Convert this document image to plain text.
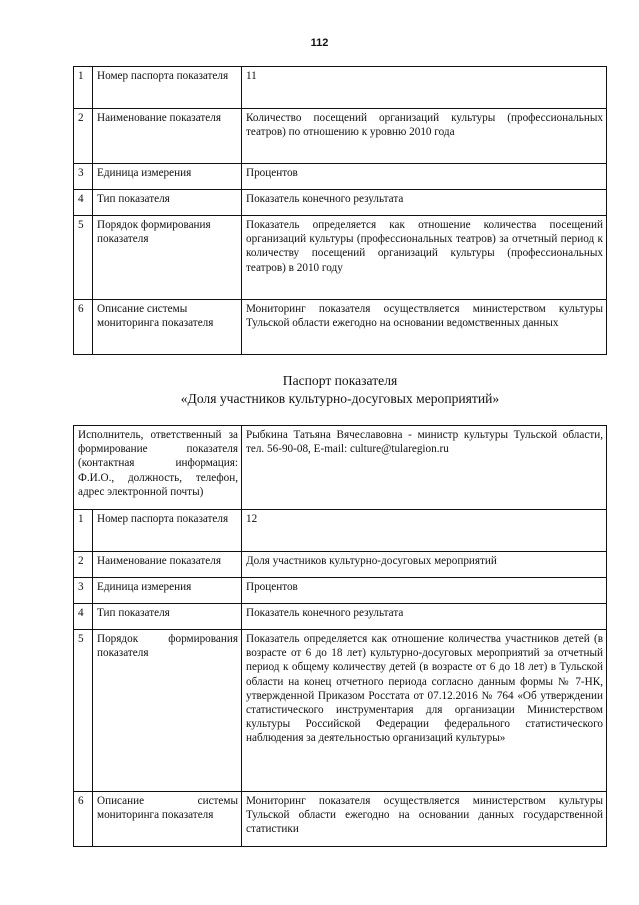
112
1	Номер паспорта показателя	11
2	Наименование показателя	Количество посещений организаций культуры (профессиональных театров) по отношению к уровню 2010 года
3	Единица измерения	Процентов
4	Тип показателя	Показатель конечного результата
5	Порядок формирования показателя	Показатель определяется как отношение количества посещений организаций культуры (профессиональных театров) за отчетный период к количеству посещений организаций культуры (профессиональных театров) в 2010 году
6	Описание системы мониторинга показателя	Мониторинг показателя осуществляется министерством культуры Тульской области ежегодно на основании ведомственных данных
Паспорт показателя
«Доля участников культурно-досуговых мероприятий»
Исполнитель, ответственный за формирование показателя (контактная информация: Ф.И.О., должность, телефон, адрес электронной почты)		Рыбкина Татьяна Вячеславовна - министр культуры Тульской области, тел. 56-90-08, E-mail: culture@tularegion.ru
1	Номер паспорта показателя	12
2	Наименование показателя	Доля участников культурно-досуговых мероприятий
3	Единица измерения	Процентов
4	Тип показателя	Показатель конечного результата
5	Порядок формирования показателя	Показатель определяется как отношение количества участников детей (в возрасте от 6 до 18 лет) культурно-досуговых мероприятий за отчетный период к общему количеству детей (в возрасте от 6 до 18 лет) в Тульской области на конец отчетного периода согласно данным формы № 7-НК, утвержденной Приказом Росстата от 07.12.2016 № 764 «Об утверждении статистического инструментария для организации Министерством культуры Российской Федерации федерального статистического наблюдения за деятельностью организаций культуры»
6	Описание системы мониторинга показателя	Мониторинг показателя осуществляется министерством культуры Тульской области ежегодно на основании данных государственной статистики
